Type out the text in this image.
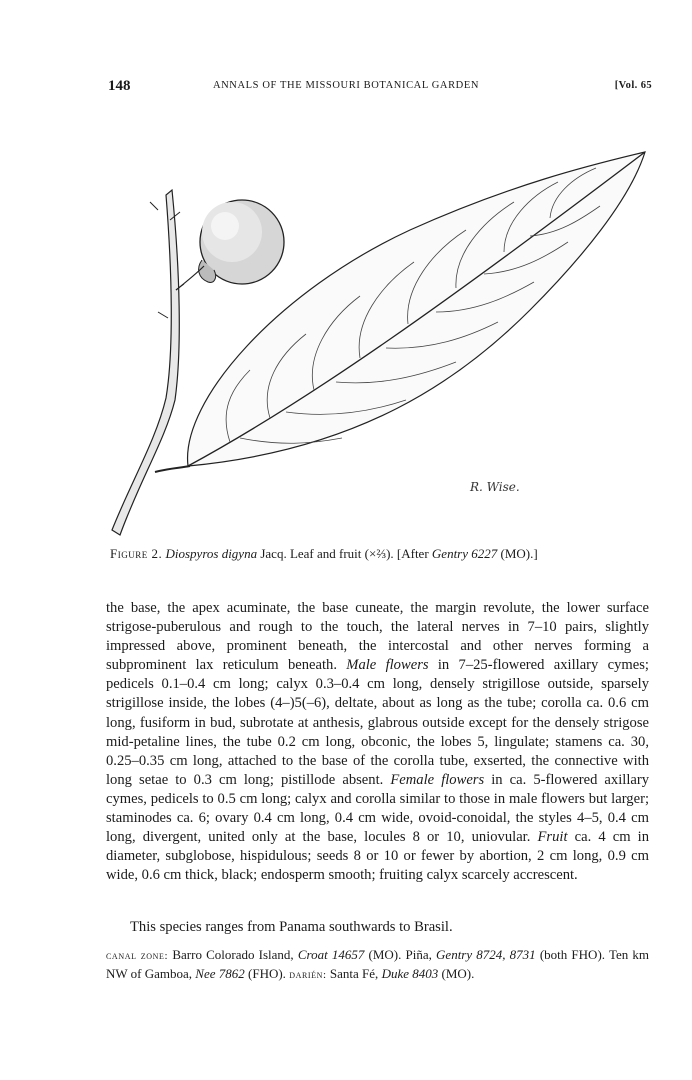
148	ANNALS OF THE MISSOURI BOTANICAL GARDEN	[Vol. 65
R. Wise.
Figure 2. Diospyros digyna Jacq. Leaf and fruit (×⅔). [After Gentry 6227 (MO).]

the base, the apex acuminate, the base cuneate, the margin revolute, the lower surface strigose-puberulous and rough to the touch, the lateral nerves in 7–10 pairs, slightly impressed above, prominent beneath, the intercostal and other nerves forming a subprominent lax reticulum beneath. Male flowers in 7–25-flowered axillary cymes; pedicels 0.1–0.4 cm long; calyx 0.3–0.4 cm long, densely strigillose outside, sparsely strigillose inside, the lobes (4–)5(–6), deltate, about as long as the tube; corolla ca. 0.6 cm long, fusiform in bud, subrotate at anthesis, glabrous outside except for the densely strigose mid-petaline lines, the tube 0.2 cm long, obconic, the lobes 5, lingulate; stamens ca. 30, 0.25–0.35 cm long, attached to the base of the corolla tube, exserted, the connective with long setae to 0.3 cm long; pistillode absent. Female flowers in ca. 5-flowered axillary cymes, pedicels to 0.5 cm long; calyx and corolla similar to those in male flowers but larger; staminodes ca. 6; ovary 0.4 cm long, 0.4 cm wide, ovoid-conoidal, the styles 4–5, 0.4 cm long, divergent, united only at the base, locules 8 or 10, uniovular. Fruit ca. 4 cm in diameter, subglobose, hispidulous; seeds 8 or 10 or fewer by abortion, 2 cm long, 0.9 cm wide, 0.6 cm thick, black; endosperm smooth; fruiting calyx scarcely accrescent.

This species ranges from Panama southwards to Brasil.
canal zone: Barro Colorado Island, Croat 14657 (MO). Piña, Gentry 8724, 8731 (both FHO). Ten km NW of Gamboa, Nee 7862 (FHO). darién: Santa Fé, Duke 8403 (MO).
